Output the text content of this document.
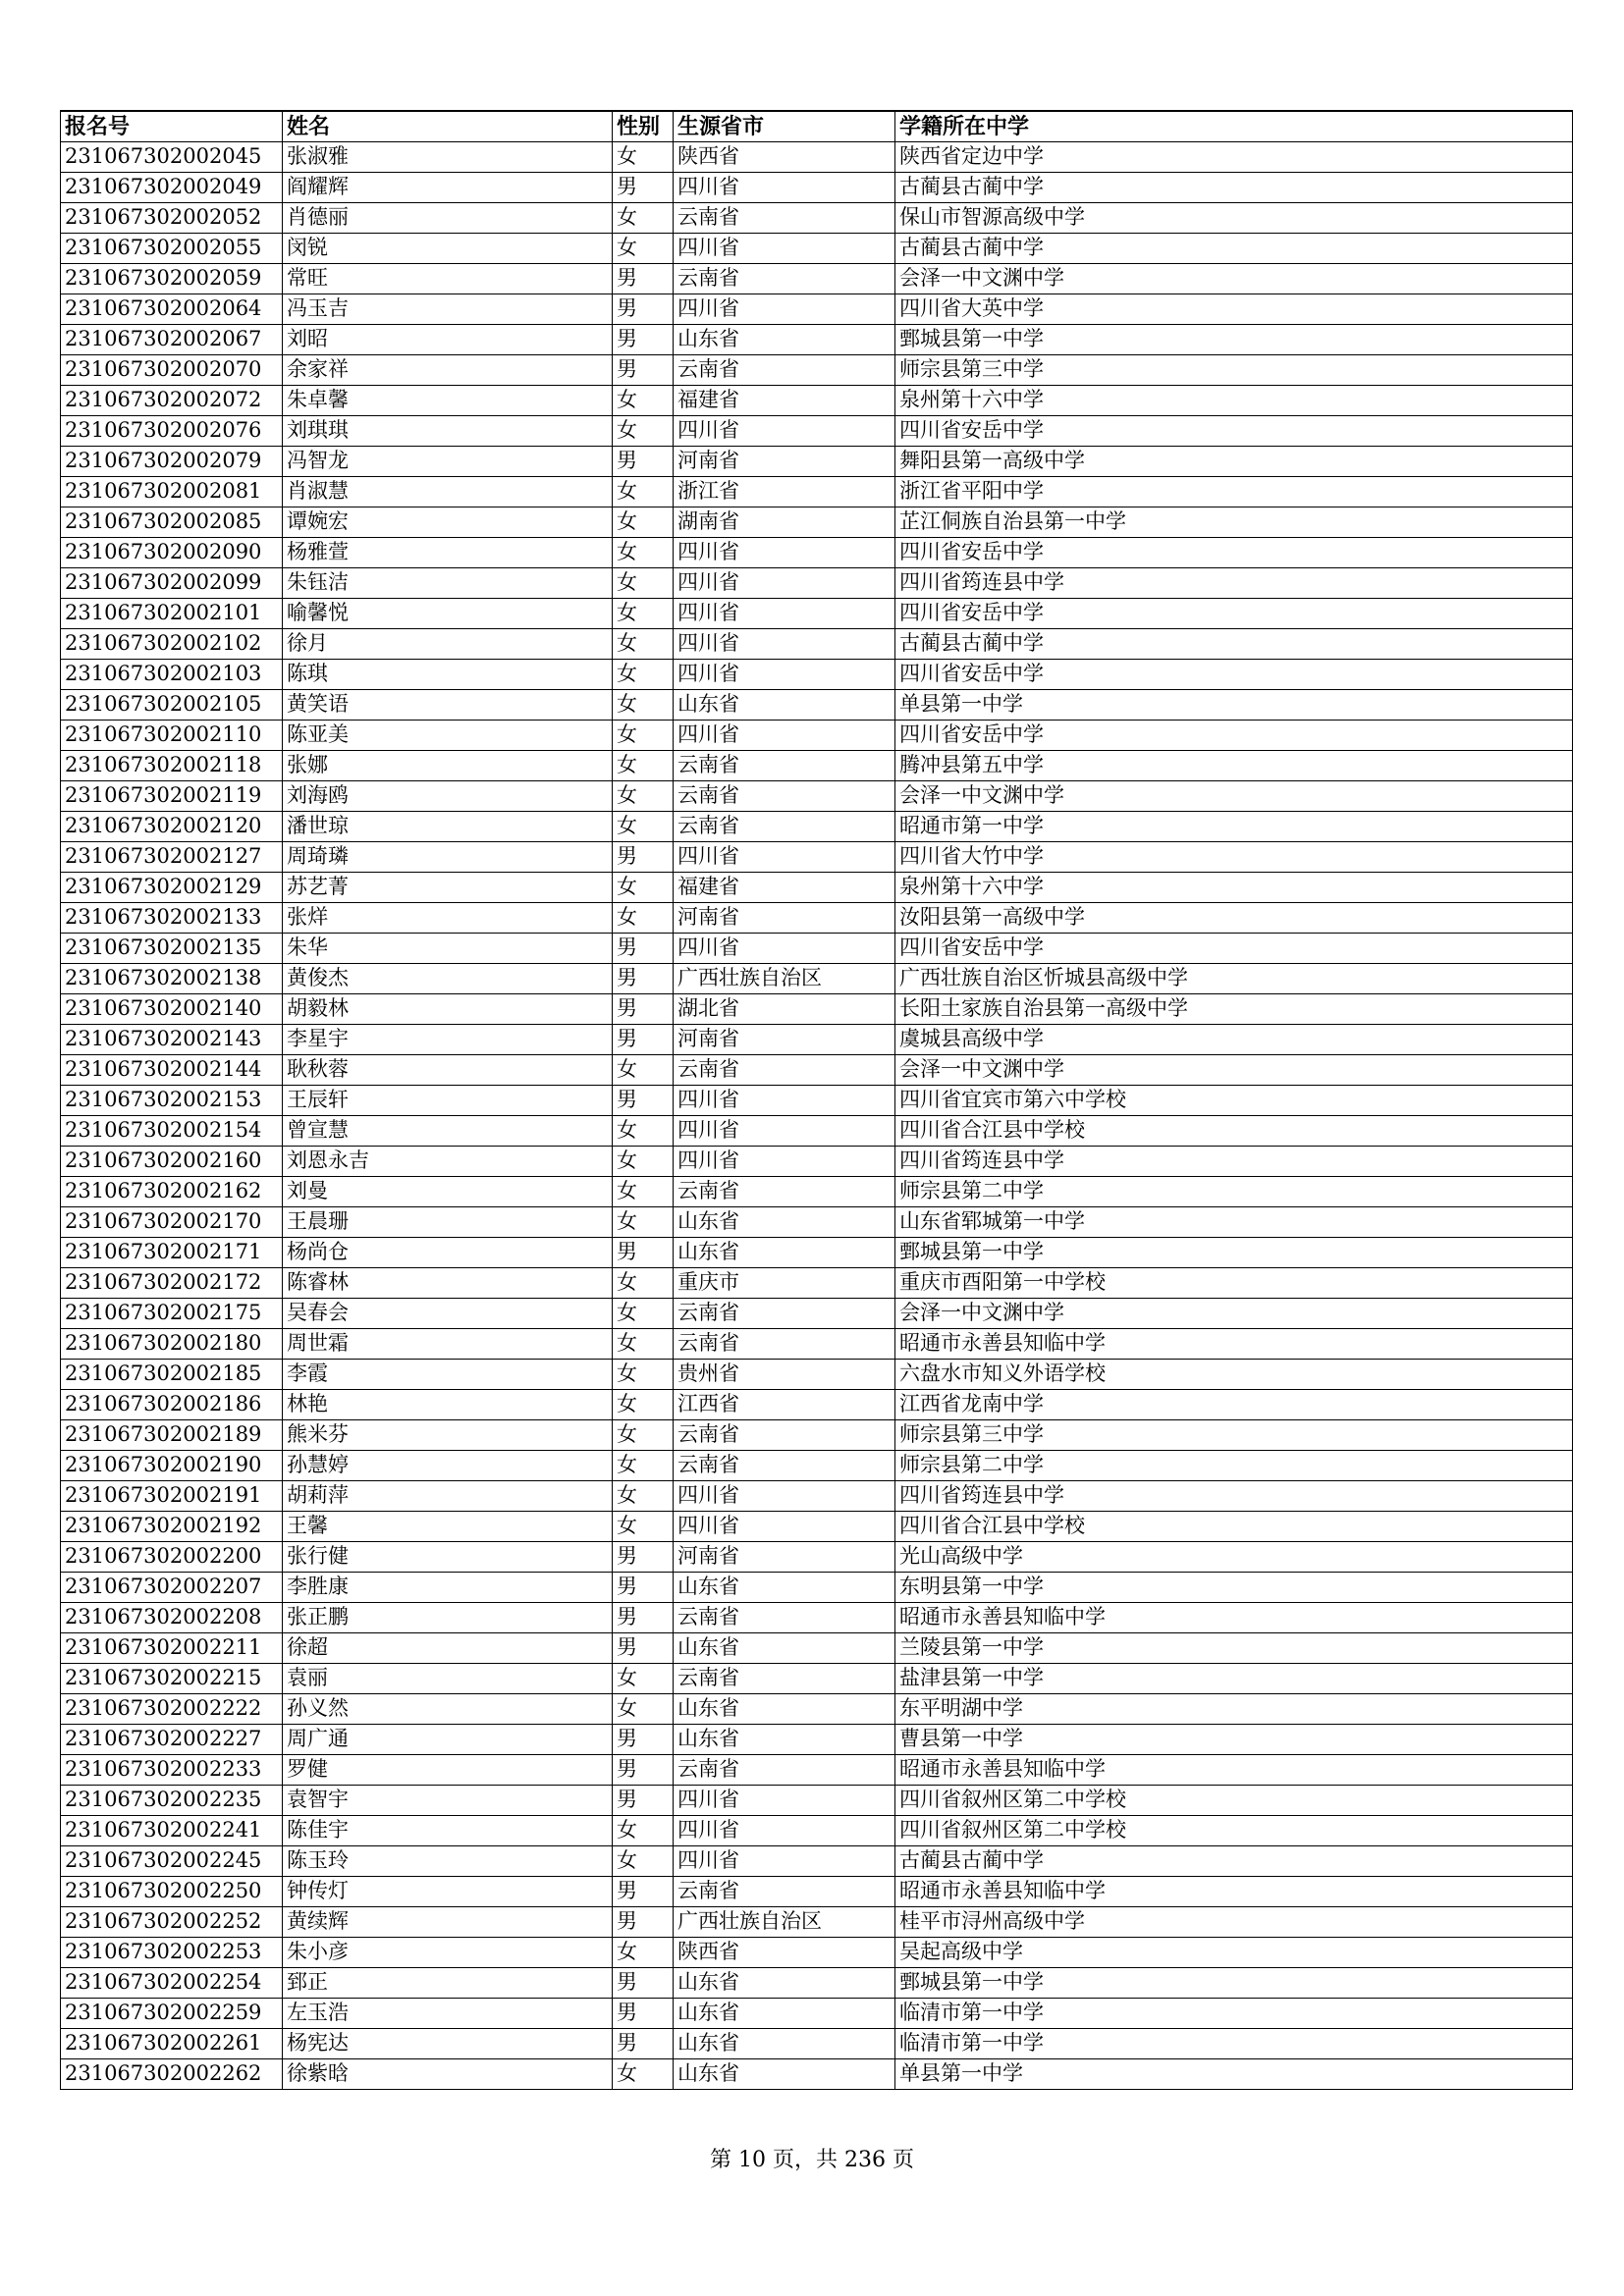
报名号	姓名	性别	生源省市	学籍所在中学
231067302002045	张淑雅	女	陕西省	陕西省定边中学
231067302002049	阎耀辉	男	四川省	古蔺县古蔺中学
231067302002052	肖德丽	女	云南省	保山市智源高级中学
231067302002055	闵锐	女	四川省	古蔺县古蔺中学
231067302002059	常旺	男	云南省	会泽一中文渊中学
231067302002064	冯玉吉	男	四川省	四川省大英中学
231067302002067	刘昭	男	山东省	鄄城县第一中学
231067302002070	余家祥	男	云南省	师宗县第三中学
231067302002072	朱卓馨	女	福建省	泉州第十六中学
231067302002076	刘琪琪	女	四川省	四川省安岳中学
231067302002079	冯智龙	男	河南省	舞阳县第一高级中学
231067302002081	肖淑慧	女	浙江省	浙江省平阳中学
231067302002085	谭婉宏	女	湖南省	芷江侗族自治县第一中学
231067302002090	杨雅萱	女	四川省	四川省安岳中学
231067302002099	朱钰洁	女	四川省	四川省筠连县中学
231067302002101	喻馨悦	女	四川省	四川省安岳中学
231067302002102	徐月	女	四川省	古蔺县古蔺中学
231067302002103	陈琪	女	四川省	四川省安岳中学
231067302002105	黄笑语	女	山东省	单县第一中学
231067302002110	陈亚美	女	四川省	四川省安岳中学
231067302002118	张娜	女	云南省	腾冲县第五中学
231067302002119	刘海鸥	女	云南省	会泽一中文渊中学
231067302002120	潘世琼	女	云南省	昭通市第一中学
231067302002127	周琦璘	男	四川省	四川省大竹中学
231067302002129	苏艺菁	女	福建省	泉州第十六中学
231067302002133	张烊	女	河南省	汝阳县第一高级中学
231067302002135	朱华	男	四川省	四川省安岳中学
231067302002138	黄俊杰	男	广西壮族自治区	广西壮族自治区忻城县高级中学
231067302002140	胡毅林	男	湖北省	长阳土家族自治县第一高级中学
231067302002143	李星宇	男	河南省	虞城县高级中学
231067302002144	耿秋蓉	女	云南省	会泽一中文渊中学
231067302002153	王辰轩	男	四川省	四川省宜宾市第六中学校
231067302002154	曾宣慧	女	四川省	四川省合江县中学校
231067302002160	刘恩永吉	女	四川省	四川省筠连县中学
231067302002162	刘曼	女	云南省	师宗县第二中学
231067302002170	王晨珊	女	山东省	山东省郓城第一中学
231067302002171	杨尚仓	男	山东省	鄄城县第一中学
231067302002172	陈睿林	女	重庆市	重庆市酉阳第一中学校
231067302002175	吴春会	女	云南省	会泽一中文渊中学
231067302002180	周世霜	女	云南省	昭通市永善县知临中学
231067302002185	李霞	女	贵州省	六盘水市知义外语学校
231067302002186	林艳	女	江西省	江西省龙南中学
231067302002189	熊米芬	女	云南省	师宗县第三中学
231067302002190	孙慧婷	女	云南省	师宗县第二中学
231067302002191	胡莉萍	女	四川省	四川省筠连县中学
231067302002192	王馨	女	四川省	四川省合江县中学校
231067302002200	张行健	男	河南省	光山高级中学
231067302002207	李胜康	男	山东省	东明县第一中学
231067302002208	张正鹏	男	云南省	昭通市永善县知临中学
231067302002211	徐超	男	山东省	兰陵县第一中学
231067302002215	袁丽	女	云南省	盐津县第一中学
231067302002222	孙义然	女	山东省	东平明湖中学
231067302002227	周广通	男	山东省	曹县第一中学
231067302002233	罗健	男	云南省	昭通市永善县知临中学
231067302002235	袁智宇	男	四川省	四川省叙州区第二中学校
231067302002241	陈佳宇	女	四川省	四川省叙州区第二中学校
231067302002245	陈玉玲	女	四川省	古蔺县古蔺中学
231067302002250	钟传灯	男	云南省	昭通市永善县知临中学
231067302002252	黄续辉	男	广西壮族自治区	桂平市浔州高级中学
231067302002253	朱小彦	女	陕西省	吴起高级中学
231067302002254	郅正	男	山东省	鄄城县第一中学
231067302002259	左玉浩	男	山东省	临清市第一中学
231067302002261	杨宪达	男	山东省	临清市第一中学
231067302002262	徐紫晗	女	山东省	单县第一中学
第 10 页，共 236 页
